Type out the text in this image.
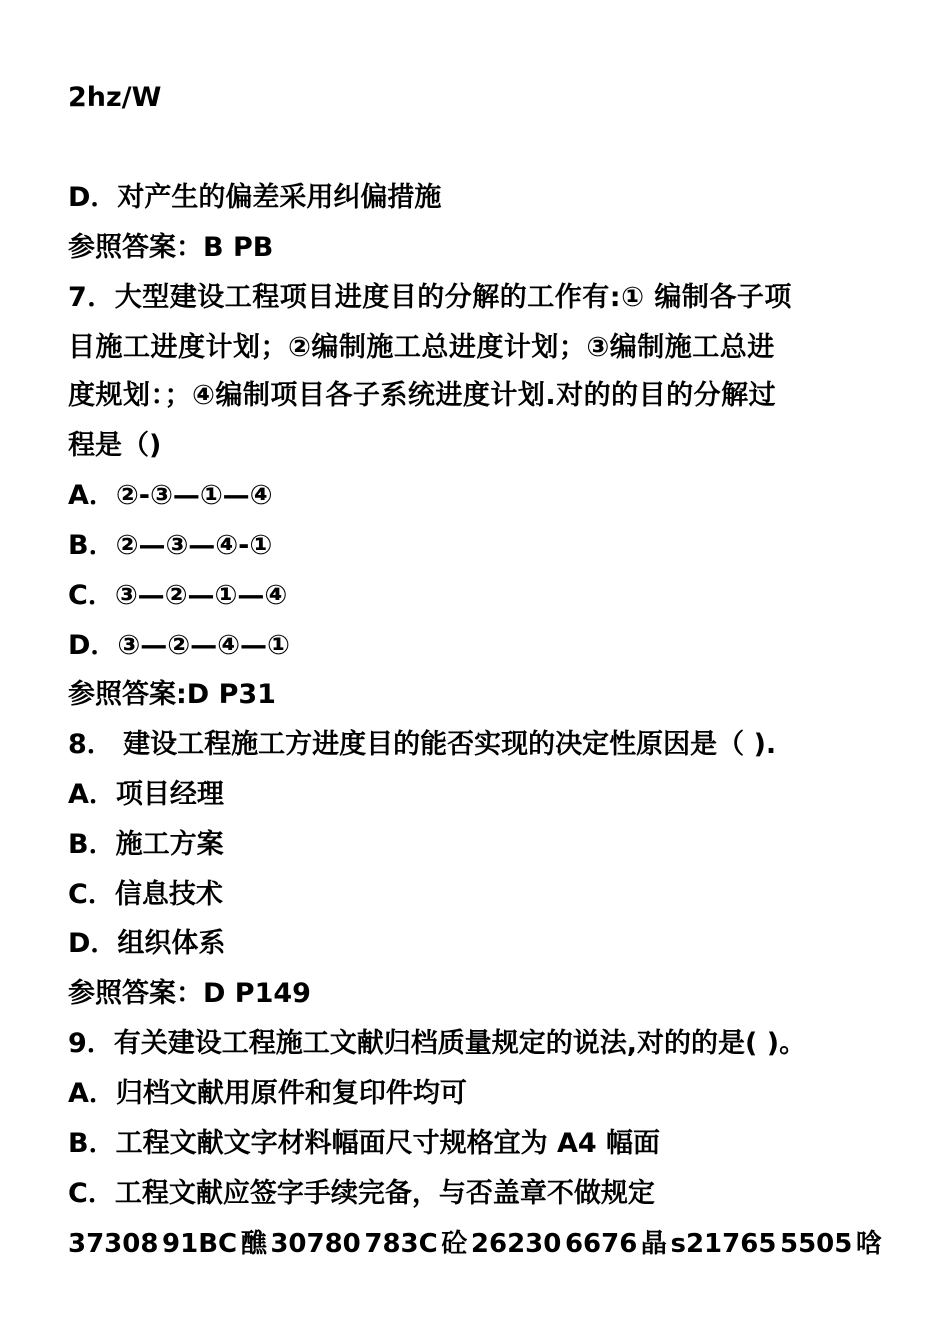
2hz/W
D．对产生的偏差采用纠偏措施
参照答案：B PB
7．大型建设工程项目进度目的分解的工作有:① 编制各子项
目施工进度计划；②编制施工总进度计划；③编制施工总进
度规划：；④编制项目各子系统进度计划.对的的目的分解过
程是（)
A．②-③—①—④
B．②—③—④-①
C．③—②—①—④
D．③—②—④—①
参照答案:D P31
8． 建设工程施工方进度目的能否实现的决定性原因是（ ).
A．项目经理
B．施工方案
C．信息技术
D．组织体系
参照答案：D P149
9．有关建设工程施工文献归档质量规定的说法,对的的是( )。
A．归档文献用原件和复印件均可
B．工程文献文字材料幅面尺寸规格宜为 A4 幅面
C．工程文献应签字手续完备，与否盖章不做规定
37308 91BC 醮 30780 783C 砼 26230 6676 晶 s21765 5505 唅
